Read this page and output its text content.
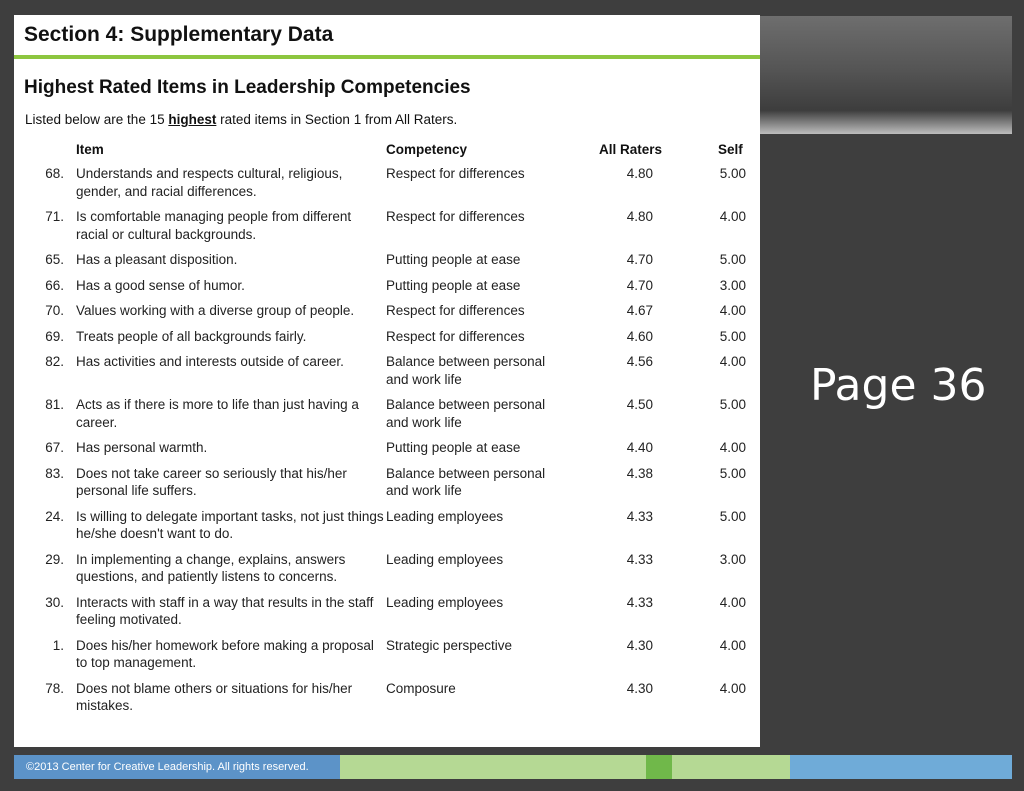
Section 4: Supplementary Data
Highest Rated Items in Leadership Competencies
Listed below are the 15 highest rated items in Section 1 from All Raters.
Item	Competency	All Raters	Self
68.	Understands and respects cultural, religious, gender, and racial differences.	Respect for differences	4.80	5.00
71.	Is comfortable managing people from different racial or cultural backgrounds.	Respect for differences	4.80	4.00
65.	Has a pleasant disposition.	Putting people at ease	4.70	5.00
66.	Has a good sense of humor.	Putting people at ease	4.70	3.00
70.	Values working with a diverse group of people.	Respect for differences	4.67	4.00
69.	Treats people of all backgrounds fairly.	Respect for differences	4.60	5.00
82.	Has activities and interests outside of career.	Balance between personal and work life	4.56	4.00
81.	Acts as if there is more to life than just having a career.	Balance between personal and work life	4.50	5.00
67.	Has personal warmth.	Putting people at ease	4.40	4.00
83.	Does not take career so seriously that his/her personal life suffers.	Balance between personal and work life	4.38	5.00
24.	Is willing to delegate important tasks, not just things he/she doesn't want to do.	Leading employees	4.33	5.00
29.	In implementing a change, explains, answers questions, and patiently listens to concerns.	Leading employees	4.33	3.00
30.	Interacts with staff in a way that results in the staff feeling motivated.	Leading employees	4.33	4.00
1.	Does his/her homework before making a proposal to top management.	Strategic perspective	4.30	4.00
78.	Does not blame others or situations for his/her mistakes.	Composure	4.30	4.00
Page 36
©2013 Center for Creative Leadership. All rights reserved.
